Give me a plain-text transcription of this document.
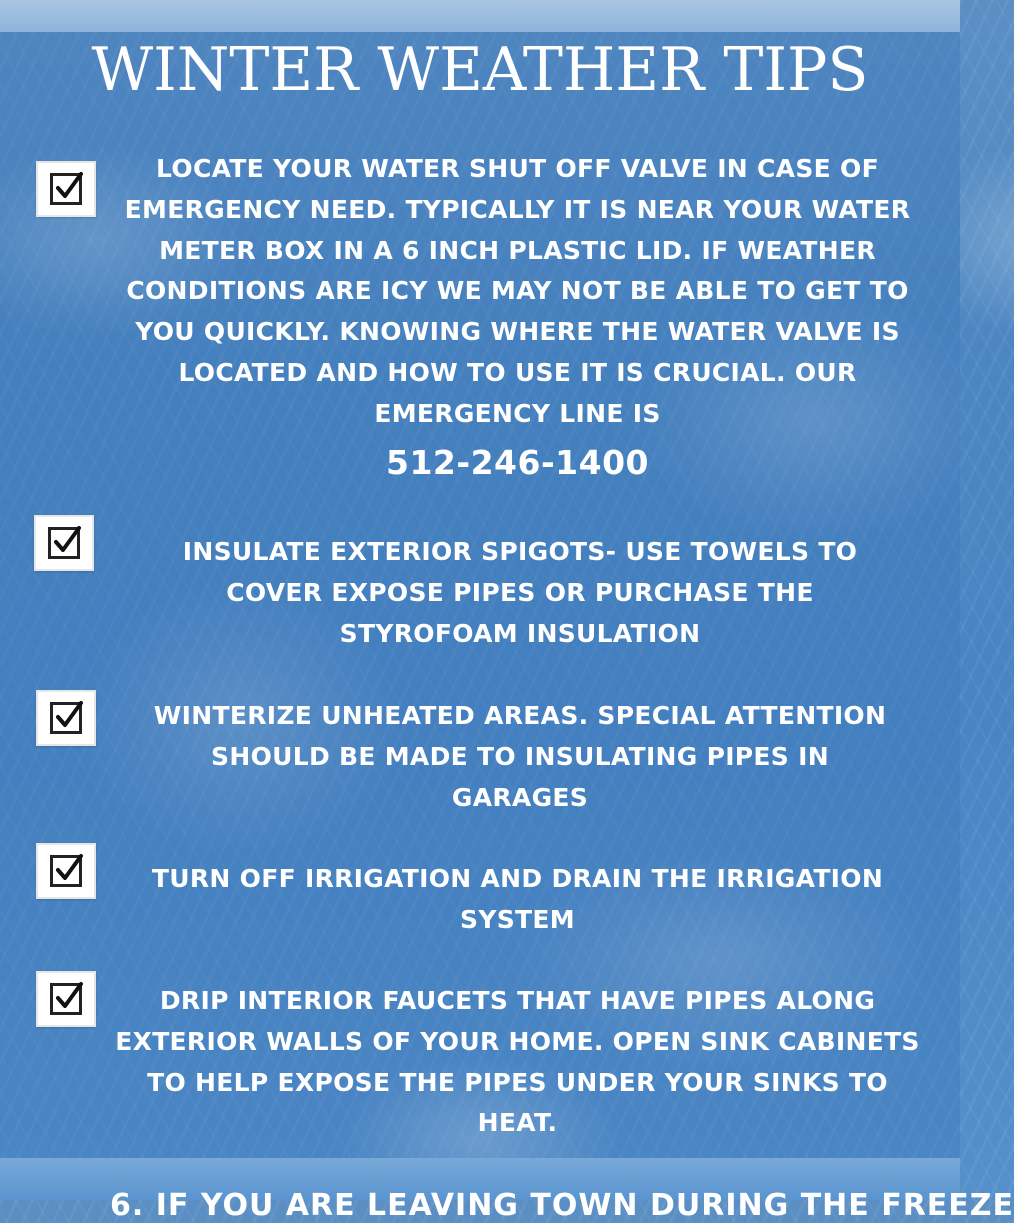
WINTER WEATHER TIPS
LOCATE YOUR WATER SHUT OFF VALVE IN CASE OF EMERGENCY NEED. TYPICALLY IT IS NEAR YOUR WATER METER BOX IN A 6 INCH PLASTIC LID. IF WEATHER CONDITIONS ARE ICY WE MAY NOT BE ABLE TO GET TO YOU QUICKLY. KNOWING WHERE THE WATER VALVE IS LOCATED AND HOW TO USE IT IS CRUCIAL. OUR EMERGENCY LINE IS
512-246-1400
INSULATE EXTERIOR SPIGOTS- USE TOWELS TO COVER EXPOSE PIPES OR PURCHASE THE STYROFOAM INSULATION
WINTERIZE UNHEATED AREAS. SPECIAL ATTENTION SHOULD BE MADE TO INSULATING PIPES IN GARAGES
TURN OFF IRRIGATION AND DRAIN THE IRRIGATION SYSTEM
DRIP INTERIOR FAUCETS THAT HAVE PIPES ALONG EXTERIOR WALLS OF YOUR HOME. OPEN SINK CABINETS TO HELP EXPOSE THE PIPES UNDER YOUR SINKS TO HEAT.
6. IF YOU ARE LEAVING TOWN DURING THE FREEZE
